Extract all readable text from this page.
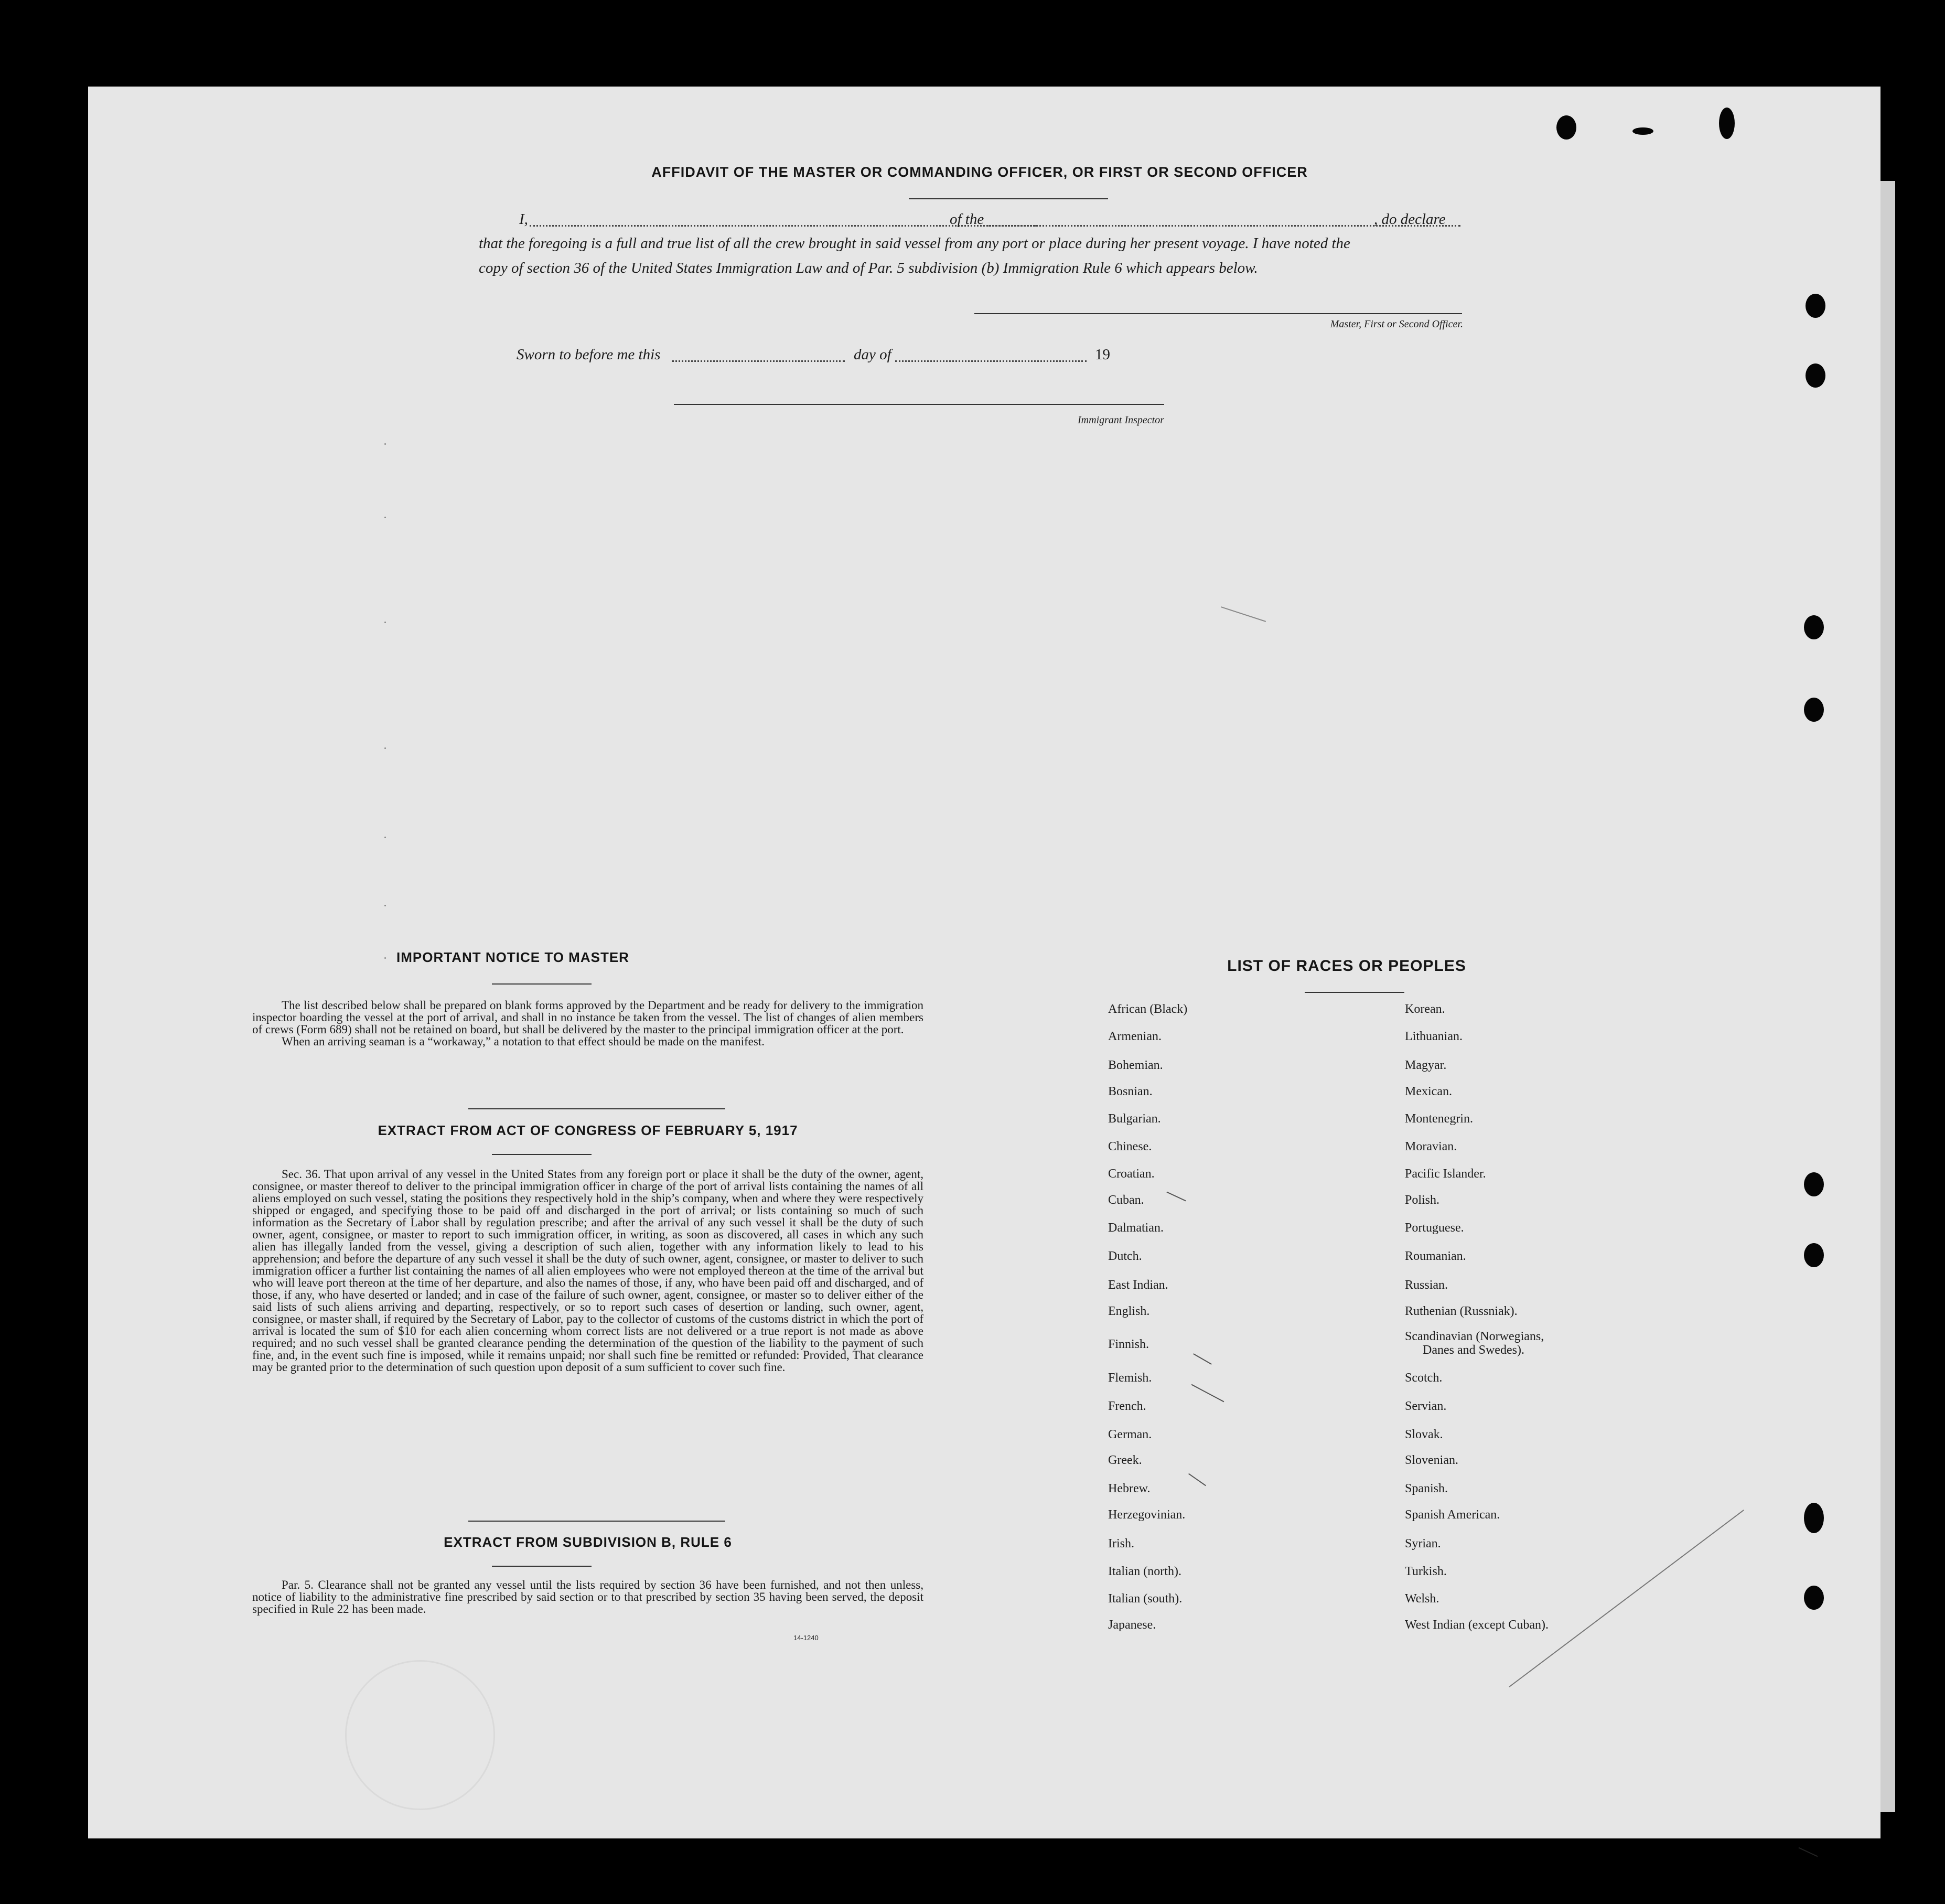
AFFIDAVIT OF THE MASTER OR COMMANDING OFFICER, OR FIRST OR SECOND OFFICER
I,	of the	, do declare
that the foregoing is a full and true list of all the crew brought in said vessel from any port or place during her present voyage. I have noted the
copy of section 36 of the United States Immigration Law and of Par. 5 subdivision (b) Immigration Rule 6 which appears below.
Master, First or Second Officer.
Sworn to before me this	day of	19
Immigrant Inspector
IMPORTANT NOTICE TO MASTER

The list described below shall be prepared on blank forms approved by the Department and be ready for delivery to the immigration inspector boarding the vessel at the port of arrival, and shall in no instance be taken from the vessel. The list of changes of alien members of crews (Form 689) shall not be retained on board, but shall be delivered by the master to the principal immigration officer at the port.

When an arriving seaman is a “workaway,” a notation to that effect should be made on the manifest.

EXTRACT FROM ACT OF CONGRESS OF FEBRUARY 5, 1917

Sec. 36. That upon arrival of any vessel in the United States from any foreign port or place it shall be the duty of the owner, agent, consignee, or master thereof to deliver to the principal immigration officer in charge of the port of arrival lists containing the names of all aliens employed on such vessel, stating the positions they respectively hold in the ship’s company, when and where they were respectively shipped or engaged, and specifying those to be paid off and discharged in the port of arrival; or lists containing so much of such information as the Secretary of Labor shall by regulation prescribe; and after the arrival of any such vessel it shall be the duty of such owner, agent, consignee, or master to report to such immigration officer, in writing, as soon as discovered, all cases in which any such alien has illegally landed from the vessel, giving a description of such alien, together with any information likely to lead to his apprehension; and before the departure of any such vessel it shall be the duty of such owner, agent, consignee, or master to deliver to such immigration officer a further list containing the names of all alien employees who were not employed thereon at the time of the arrival but who will leave port thereon at the time of her departure, and also the names of those, if any, who have been paid off and discharged, and of those, if any, who have deserted or landed; and in case of the failure of such owner, agent, consignee, or master so to deliver either of the said lists of such aliens arriving and departing, respectively, or so to report such cases of desertion or landing, such owner, agent, consignee, or master shall, if required by the Secretary of Labor, pay to the collector of customs of the customs district in which the port of arrival is located the sum of $10 for each alien concerning whom correct lists are not delivered or a true report is not made as above required; and no such vessel shall be granted clearance pending the determination of the question of the liability to the payment of such fine, and, in the event such fine is imposed, while it remains unpaid; nor shall such fine be remitted or refunded: Provided, That clearance may be granted prior to the determination of such question upon deposit of a sum sufficient to cover such fine.

EXTRACT FROM SUBDIVISION B, RULE 6

Par. 5. Clearance shall not be granted any vessel until the lists required by section 36 have been furnished, and not then unless, notice of liability to the administrative fine prescribed by said section or to that prescribed by section 35 having been served, the deposit specified in Rule 22 has been made.

14-1240
LIST OF RACES OR PEOPLES
African (Black)
Armenian.
Bohemian.
Bosnian.
Bulgarian.
Chinese.
Croatian.
Cuban.
Dalmatian.
Dutch.
East Indian.
English.
Finnish.
Flemish.
French.
German.
Greek.
Hebrew.
Herzegovinian.
Irish.
Italian (north).
Italian (south).
Japanese.
Korean.
Lithuanian.
Magyar.
Mexican.
Montenegrin.
Moravian.
Pacific Islander.
Polish.
Portuguese.
Roumanian.
Russian.
Ruthenian (Russniak).
Scandinavian (Norwegians,
Danes and Swedes).
Scotch.
Servian.
Slovak.
Slovenian.
Spanish.
Spanish American.
Syrian.
Turkish.
Welsh.
West Indian (except Cuban).
